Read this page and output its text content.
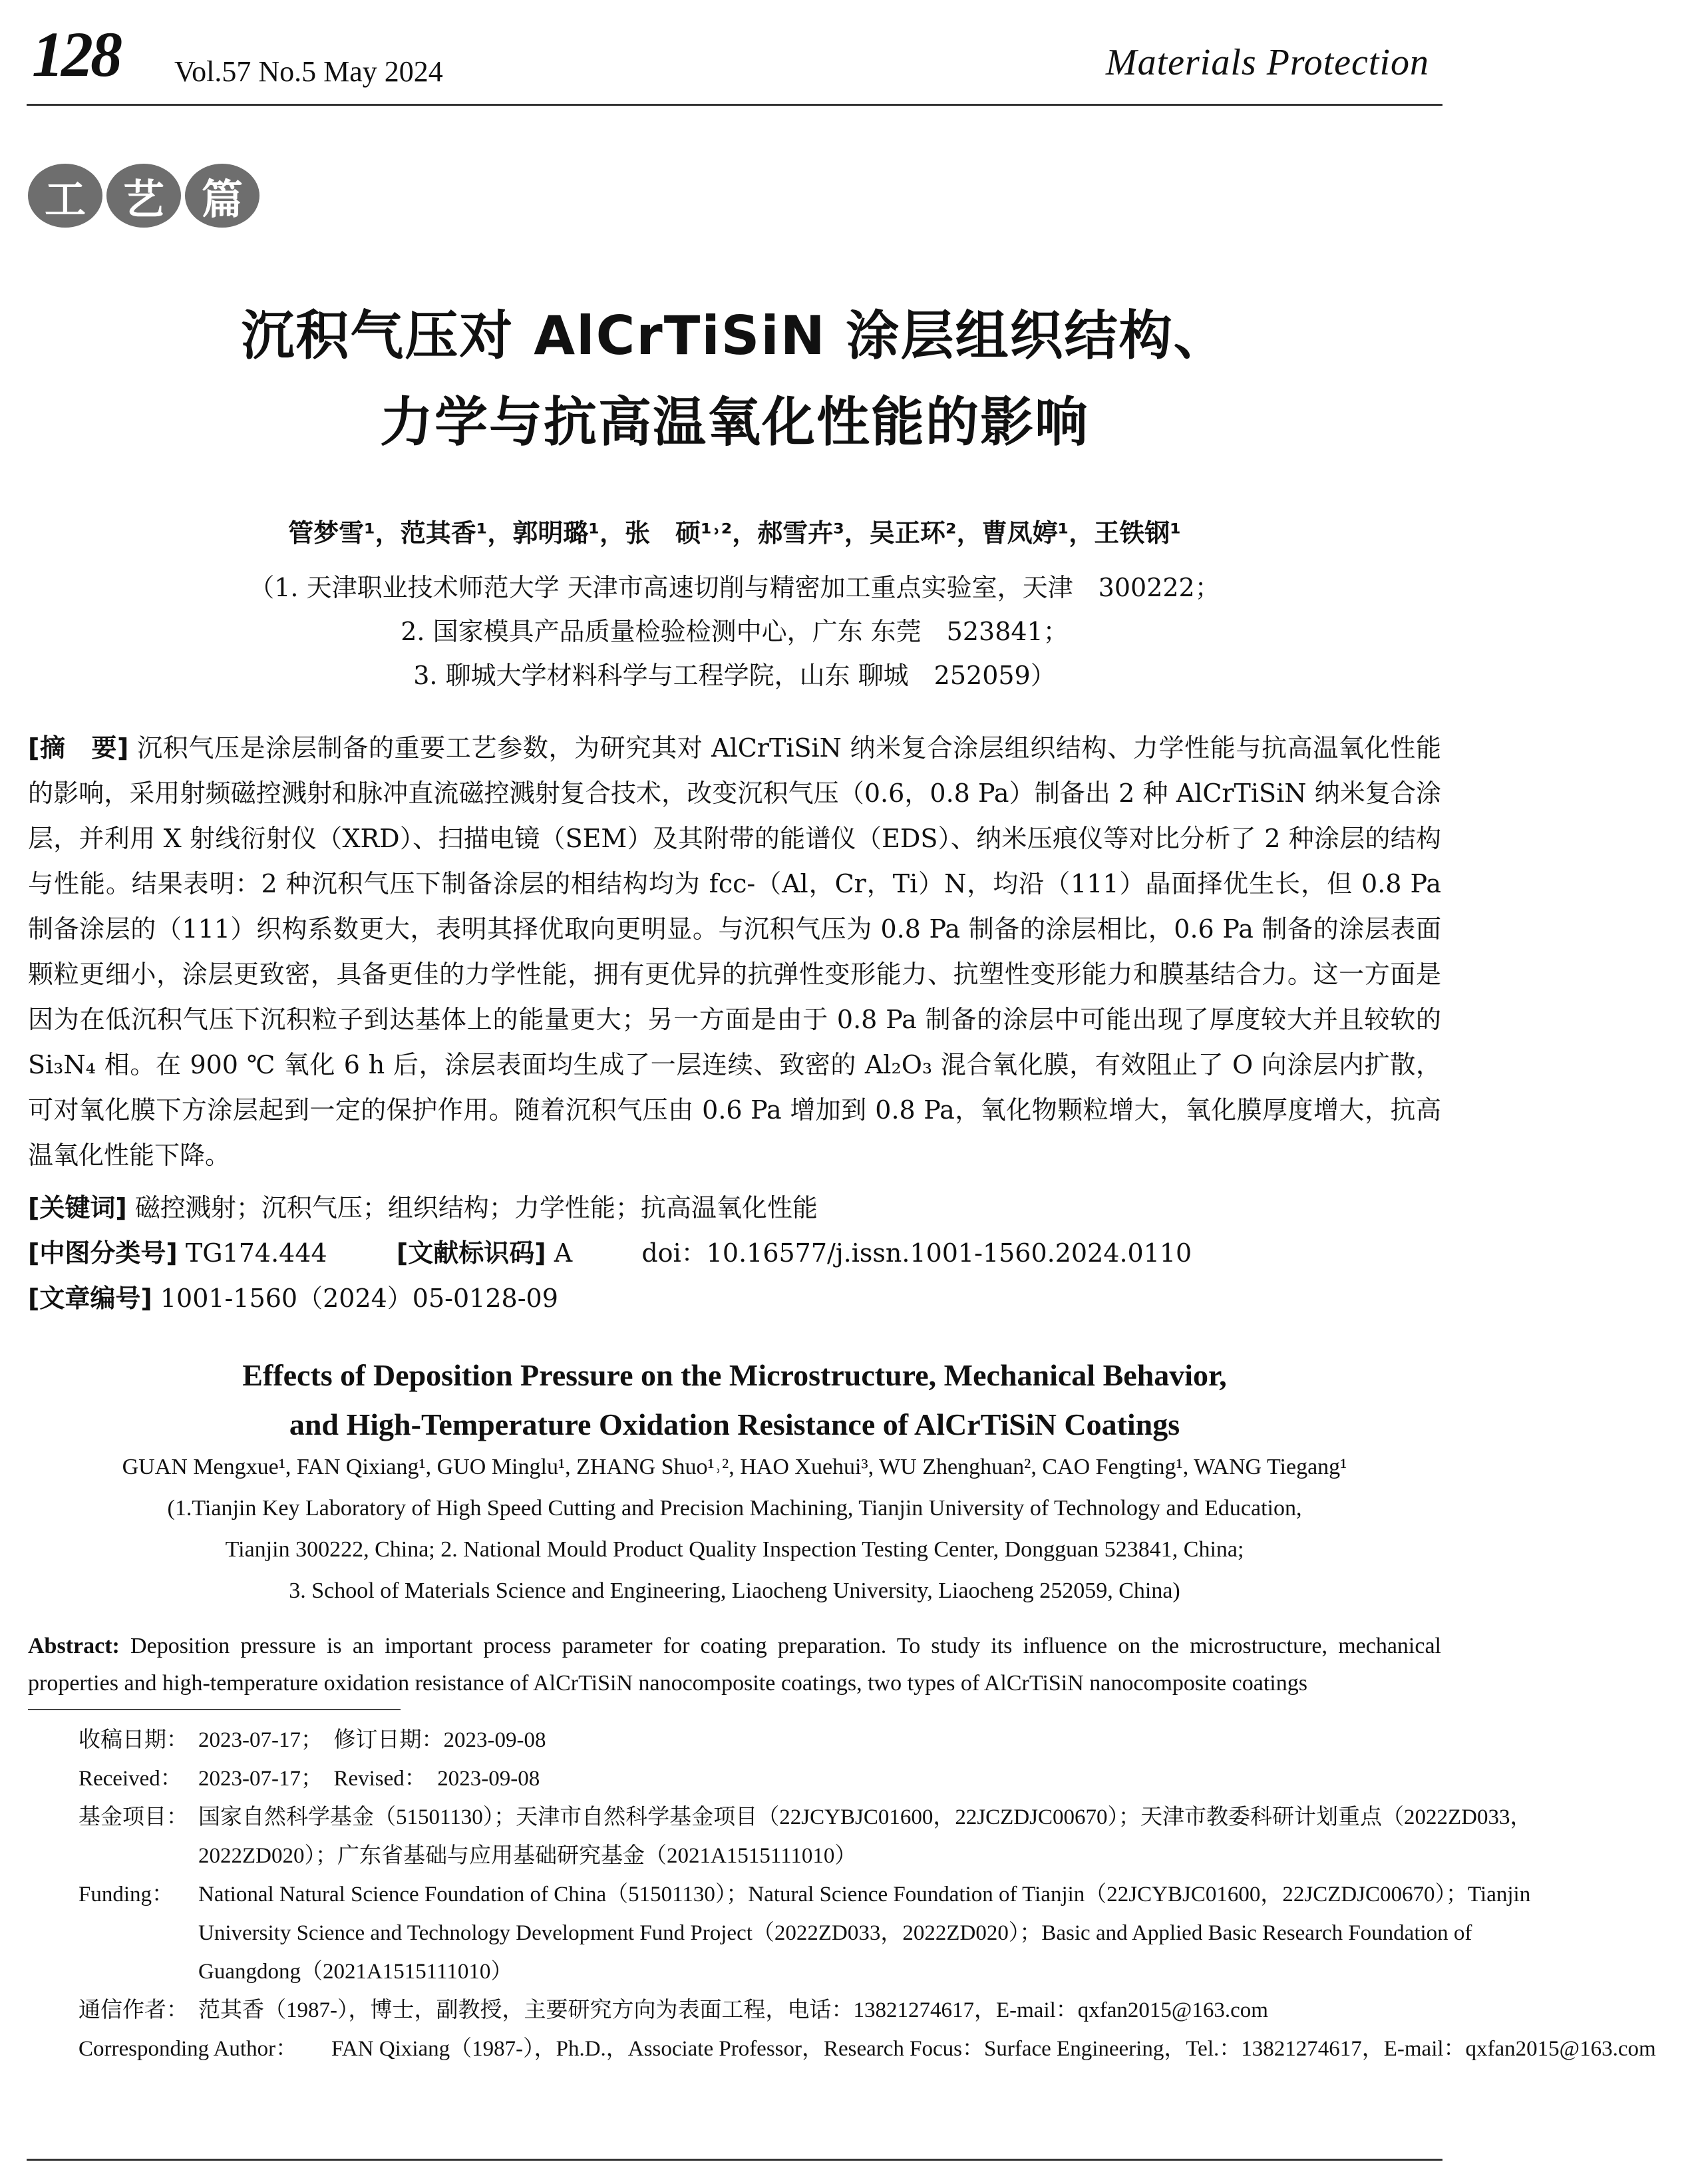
128 Vol.57 No.5 May 2024	Materials Protection
工 艺 篇
沉积气压对 AlCrTiSiN 涂层组织结构、
力学与抗高温氧化性能的影响
管梦雪¹，范其香¹，郭明璐¹，张　硕¹˒²，郝雪卉³，吴正环²，曹凤婷¹，王铁钢¹
（1. 天津职业技术师范大学 天津市高速切削与精密加工重点实验室，天津　300222；
2. 国家模具产品质量检验检测中心，广东 东莞　523841；
3. 聊城大学材料科学与工程学院，山东 聊城　252059）
[摘　要] 沉积气压是涂层制备的重要工艺参数，为研究其对 AlCrTiSiN 纳米复合涂层组织结构、力学性能与抗高温氧化性能的影响，采用射频磁控溅射和脉冲直流磁控溅射复合技术，改变沉积气压（0.6，0.8 Pa）制备出 2 种 AlCrTiSiN 纳米复合涂层，并利用 X 射线衍射仪（XRD）、扫描电镜（SEM）及其附带的能谱仪（EDS）、纳米压痕仪等对比分析了 2 种涂层的结构与性能。结果表明：2 种沉积气压下制备涂层的相结构均为 fcc-（Al，Cr，Ti）N，均沿（111）晶面择优生长，但 0.8 Pa 制备涂层的（111）织构系数更大，表明其择优取向更明显。与沉积气压为 0.8 Pa 制备的涂层相比，0.6 Pa 制备的涂层表面颗粒更细小，涂层更致密，具备更佳的力学性能，拥有更优异的抗弹性变形能力、抗塑性变形能力和膜基结合力。这一方面是因为在低沉积气压下沉积粒子到达基体上的能量更大；另一方面是由于 0.8 Pa 制备的涂层中可能出现了厚度较大并且较软的 Si₃N₄ 相。在 900 ℃ 氧化 6 h 后，涂层表面均生成了一层连续、致密的 Al₂O₃ 混合氧化膜，有效阻止了 O 向涂层内扩散，可对氧化膜下方涂层起到一定的保护作用。随着沉积气压由 0.6 Pa 增加到 0.8 Pa，氧化物颗粒增大，氧化膜厚度增大，抗高温氧化性能下降。
[关键词] 磁控溅射；沉积气压；组织结构；力学性能；抗高温氧化性能
[中图分类号] TG174.444	[文献标识码] A	doi：10.16577/j.issn.1001-1560.2024.0110
[文章编号] 1001-1560（2024）05-0128-09
Effects of Deposition Pressure on the Microstructure, Mechanical Behavior,
and High-Temperature Oxidation Resistance of AlCrTiSiN Coatings
GUAN Mengxue¹, FAN Qixiang¹, GUO Minglu¹, ZHANG Shuo¹˒², HAO Xuehui³, WU Zhenghuan², CAO Fengting¹, WANG Tiegang¹
(1.Tianjin Key Laboratory of High Speed Cutting and Precision Machining, Tianjin University of Technology and Education,
Tianjin 300222, China; 2. National Mould Product Quality Inspection Testing Center, Dongguan 523841, China;
3. School of Materials Science and Engineering, Liaocheng University, Liaocheng 252059, China)
Abstract: Deposition pressure is an important process parameter for coating preparation. To study its influence on the microstructure, mechanical properties and high-temperature oxidation resistance of AlCrTiSiN nanocomposite coatings, two types of AlCrTiSiN nanocomposite coatings
收稿日期： 2023-07-17；　修订日期：2023-09-08
Received： 2023-07-17；　Revised：　2023-09-08
基金项目： 国家自然科学基金（51501130）；天津市自然科学基金项目（22JCYBJC01600，22JCZDJC00670）；天津市教委科研计划重点（2022ZD033，2022ZD020）；广东省基础与应用基础研究基金（2021A1515111010）
Funding： National Natural Science Foundation of China（51501130）；Natural Science Foundation of Tianjin（22JCYBJC01600，22JCZDJC00670）；Tianjin University Science and Technology Development Fund Project（2022ZD033，2022ZD020）；Basic and Applied Basic Research Foundation of Guangdong（2021A1515111010）
通信作者： 范其香（1987-），博士，副教授，主要研究方向为表面工程，电话：13821274617，E-mail：qxfan2015@163.com
Corresponding Author： FAN Qixiang（1987-），Ph.D.，Associate Professor，Research Focus：Surface Engineering，Tel.：13821274617，E-mail：qxfan2015@163.com
